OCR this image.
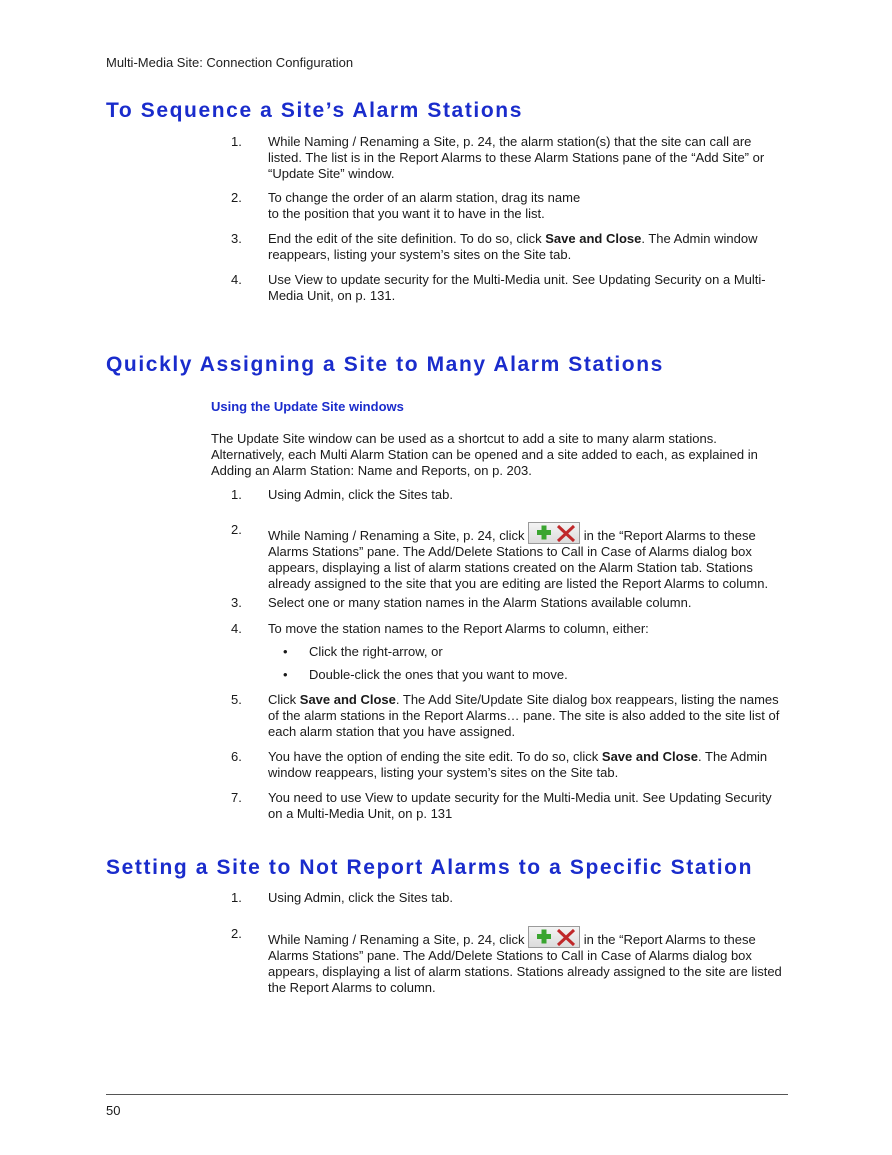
Multi-Media Site: Connection Configuration
To Sequence a Site’s Alarm Stations
1. While Naming / Renaming a Site, p. 24, the alarm station(s) that the site can call are listed. The list is in the Report Alarms to these Alarm Stations pane of the “Add Site” or “Update Site” window.
2. To change the order of an alarm station, drag its name
to the position that you want it to have in the list.
3. End the edit of the site definition. To do so, click Save and Close. The Admin window reappears, listing your system’s sites on the Site tab.
4. Use View to update security for the Multi-Media unit. See Updating Security on a Multi-Media Unit, on p. 131.
Quickly Assigning a Site to Many Alarm Stations
Using the Update Site windows
The Update Site window can be used as a shortcut to add a site to many alarm stations. Alternatively, each Multi Alarm Station can be opened and a site added to each, as explained in Adding an Alarm Station: Name and Reports, on p. 203.
1. Using Admin, click the Sites tab.
2. While Naming / Renaming a Site, p. 24, click	in the “Report Alarms to these Alarms Stations” pane. The Add/Delete Stations to Call in Case of Alarms dialog box appears, displaying a list of alarm stations created on the Alarm Station tab. Stations already assigned to the site that you are editing are listed the Report Alarms to column.
3. Select one or many station names in the Alarm Stations available column.
4. To move the station names to the Report Alarms to column, either:
5. Click Save and Close. The Add Site/Update Site dialog box reappears, listing the names of the alarm stations in the Report Alarms… pane. The site is also added to the site list of each alarm station that you have assigned.
6. You have the option of ending the site edit. To do so, click Save and Close. The Admin window reappears, listing your system’s sites on the Site tab.
7. You need to use View to update security for the Multi-Media unit. See Updating Security on a Multi-Media Unit, on p. 131
• Click the right-arrow, or
• Double-click the ones that you want to move.
Setting a Site to Not Report Alarms to a Specific Station
1. Using Admin, click the Sites tab.
2. While Naming / Renaming a Site, p. 24, click	in the “Report Alarms to these Alarms Stations” pane. The Add/Delete Stations to Call in Case of Alarms dialog box appears, displaying a list of alarm stations. Stations already assigned to the site are listed the Report Alarms to column.
50
